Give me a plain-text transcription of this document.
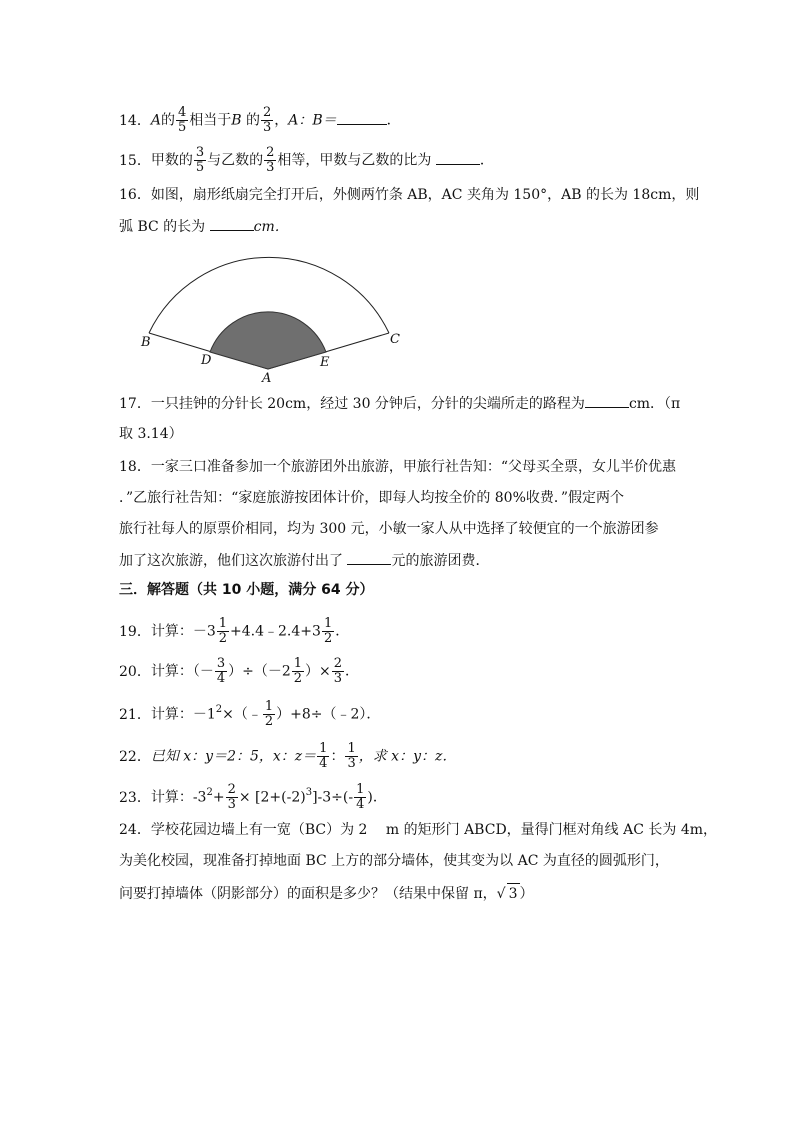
14．A的 $\frac{4}{5}$ 相当于B 的 $\frac{2}{3}$ ，A：B＝	．
15．甲数的 $\frac{3}{5}$ 与乙数的 $\frac{2}{3}$ 相等，甲数与乙数的比为	．
16．如图，扇形纸扇完全打开后，外侧两竹条 AB，AC 夹角为 150°，AB 的长为 18cm，则
弧 BC 的长为	cm．
B	C
D	E
A
17．一只挂钟的分针长 20cm，经过 30 分钟后，分针的尖端所走的路程为	cm．（π
取 3.14）
18．一家三口准备参加一个旅游团外出旅游，甲旅行社告知：“父母买全票，女儿半价优惠
．”乙旅行社告知：“家庭旅游按团体计价，即每人均按全价的 80%收费．”假定两个
旅行社每人的原票价相同，均为 300 元，小敏一家人从中选择了较便宜的一个旅游团参
加了这次旅游，他们这次旅游付出了	元的旅游团费．
三．解答题（共 10 小题，满分 64 分）
19．计算：$-3 \frac{1}{2}$ +4.4﹣2.4+3 $\frac{1}{2}$ ．
20．计算：（－ $\frac{3}{4} )\div(-2 \frac{1}{2}$ ）× $\frac{2}{3}$ ．
21．计算：$-1^2\times(﹣ \frac{1}{2}$ ）+8÷（﹣2）．
22．已知 x：y＝2：5，x：$z= \frac{1}{4}$ ： $\frac{1}{3}$ ，求 x：y：z．
23．计算：$-3^2+ \frac{2}{3} \times [2+(-2)^3]-3\div(- \frac{1}{4}$ )．
24．学校花园边墙上有一宽（BC）为 2　 m 的矩形门 ABCD，量得门框对角线 AC 长为 4m，
为美化校园，现准备打掉地面 BC 上方的部分墙体，使其变为以 AC 为直径的圆弧形门，
问要打掉墙体（阴影部分）的面积是多少？（结果中保留 π，√ 3 ）
